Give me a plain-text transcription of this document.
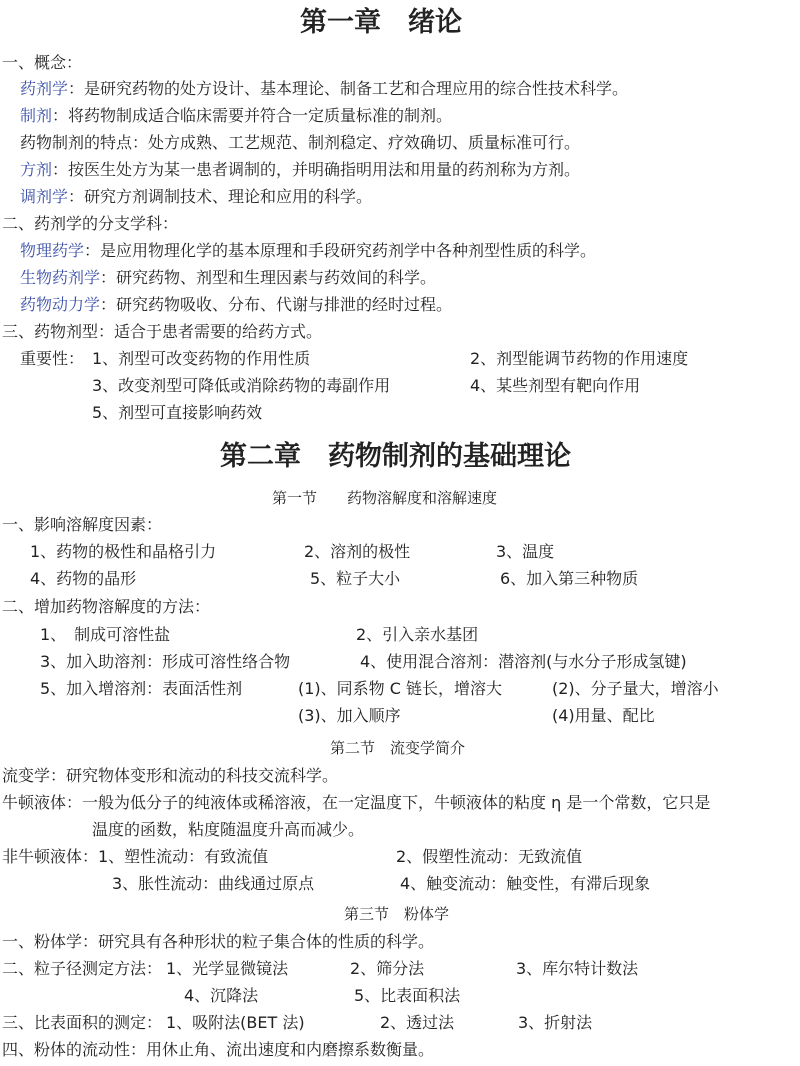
第一章　绪论
一、概念：
药剂学：是研究药物的处方设计、基本理论、制备工艺和合理应用的综合性技术科学。
制剂：将药物制成适合临床需要并符合一定质量标准的制剂。
药物制剂的特点：处方成熟、工艺规范、制剂稳定、疗效确切、质量标准可行。
方剂：按医生处方为某一患者调制的，并明确指明用法和用量的药剂称为方剂。
调剂学：研究方剂调制技术、理论和应用的科学。
二、药剂学的分支学科：
物理药学：是应用物理化学的基本原理和手段研究药剂学中各种剂型性质的科学。
生物药剂学：研究药物、剂型和生理因素与药效间的科学。
药物动力学：研究药物吸收、分布、代谢与排泄的经时过程。
三、药物剂型：适合于患者需要的给药方式。
重要性： 1、剂型可改变药物的作用性质	2、剂型能调节药物的作用速度
3、改变剂型可降低或消除药物的毒副作用	4、某些剂型有靶向作用
5、剂型可直接影响药效
第二章　药物制剂的基础理论
第一节　　药物溶解度和溶解速度
一、影响溶解度因素：
1、药物的极性和晶格引力	2、溶剂的极性	3、温度
4、药物的晶形	5、粒子大小	6、加入第三种物质
二、增加药物溶解度的方法：
1、　制成可溶性盐	2、引入亲水基团
3、加入助溶剂：形成可溶性络合物	4、使用混合溶剂：潜溶剂(与水分子形成氢键)
5、加入增溶剂：表面活性剂	(1)、同系物 C 链长，增溶大	(2)、分子量大，增溶小
(3)、加入顺序	(4)用量、配比
第二节　流变学简介
流变学：研究物体变形和流动的科技交流科学。
牛顿液体：一般为低分子的纯液体或稀溶液，在一定温度下，牛顿液体的粘度 η 是一个常数，它只是
温度的函数，粘度随温度升高而减少。
非牛顿液体： 1、塑性流动：有致流值	2、假塑性流动：无致流值
3、胀性流动：曲线通过原点	4、触变流动：触变性，有滞后现象
第三节　粉体学
一、粉体学：研究具有各种形状的粒子集合体的性质的科学。
二、粒子径测定方法： 1、光学显微镜法	2、筛分法	3、库尔特计数法
4、沉降法	5、比表面积法
三、比表面积的测定： 1、吸附法(BET 法)	2、透过法	3、折射法
四、粉体的流动性：用休止角、流出速度和内磨擦系数衡量。
